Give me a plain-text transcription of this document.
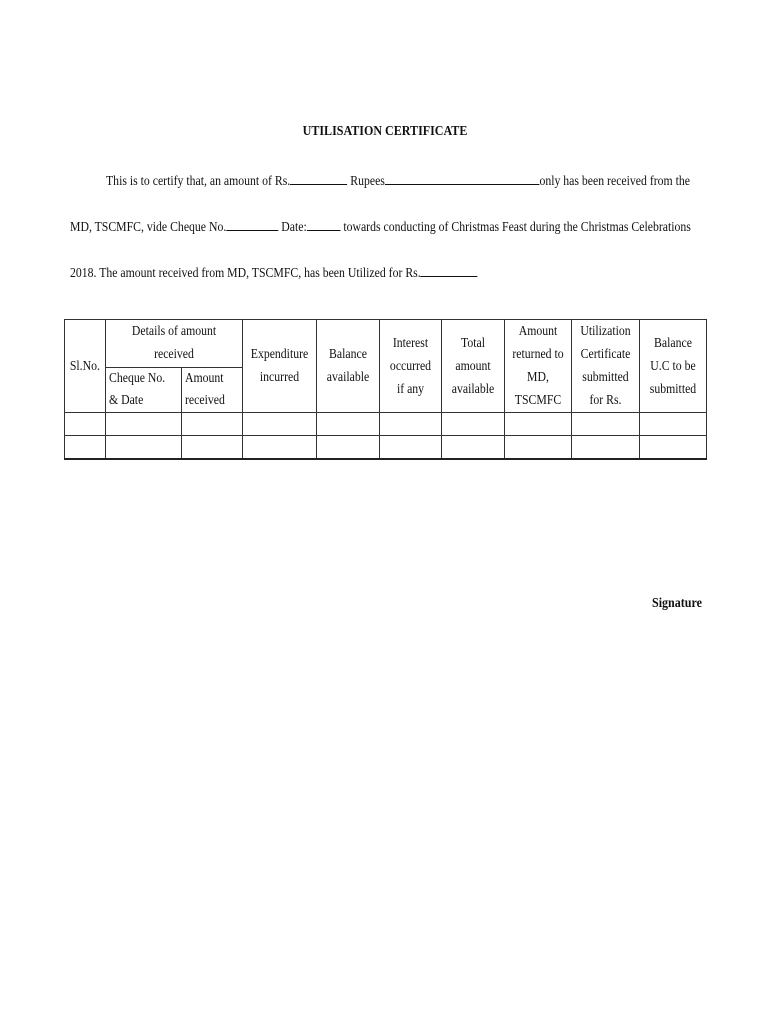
UTILISATION CERTIFICATE
This is to certify that, an amount of Rs.	Rupees	only has been received from the
MD, TSCMFC, vide Cheque No.	Date:	towards conducting of Christmas Feast during the Christmas Celebrations
2018. The amount received from MD, TSCMFC, has been Utilized for Rs.
Sl.No.	Details of amount received		Expenditure incurred	Balance available	Interest occurred if any	Total amount available	Amount returned to MD, TSCMFC	Utilization Certificate submitted for Rs.	Balance U.C to be submitted
	Cheque No. & Date	Amount received							

Signature
